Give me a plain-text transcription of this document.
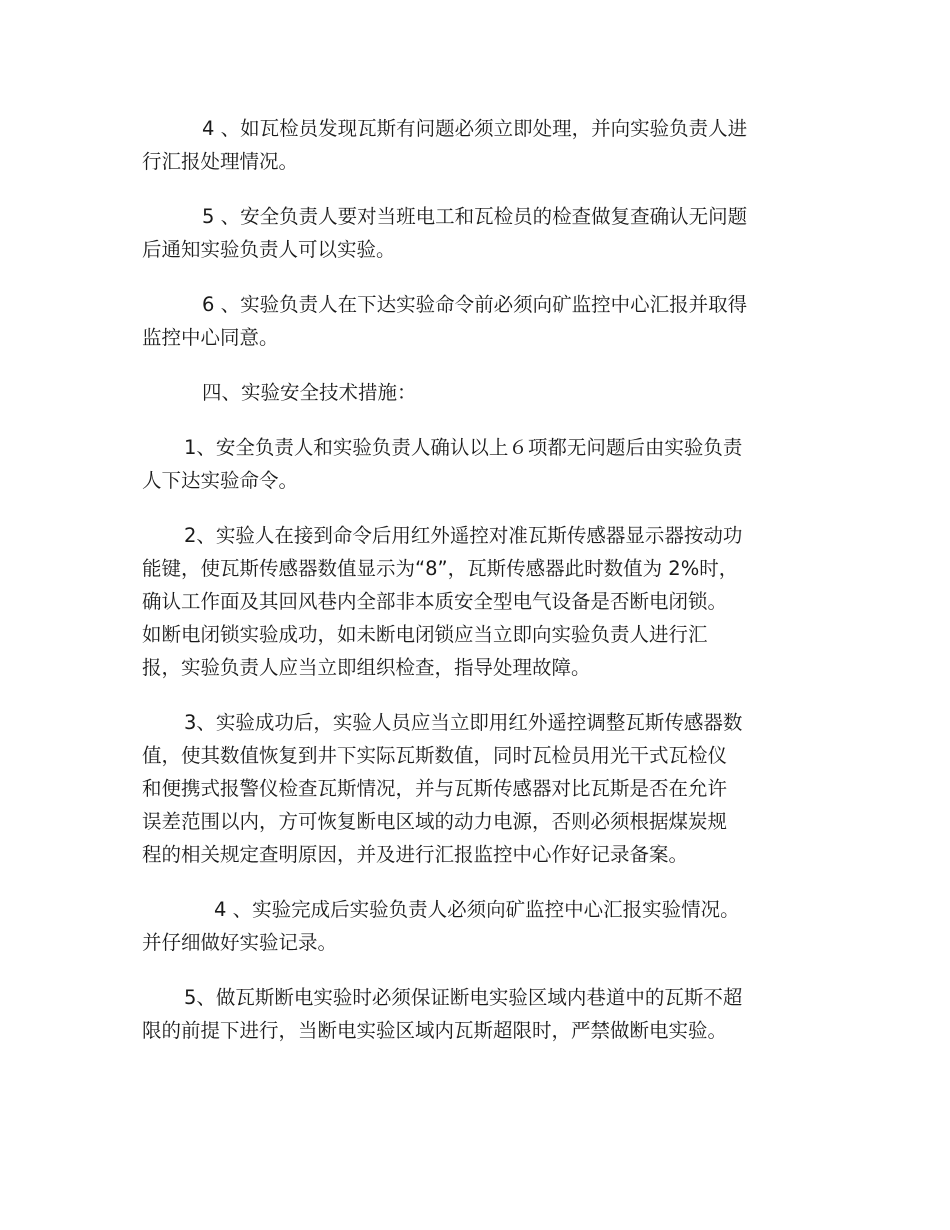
4 、如瓦检员发现瓦斯有问题必须立即处理，并向实验负责人进
行汇报处理情况。

5 、安全负责人要对当班电工和瓦检员的检查做复查确认无问题
后通知实验负责人可以实验。

6 、实验负责人在下达实验命令前必须向矿监控中心汇报并取得
监控中心同意。

四、实验安全技术措施：

1、安全负责人和实验负责人确认以上６项都无问题后由实验负责
人下达实验命令。

2、实验人在接到命令后用红外遥控对准瓦斯传感器显示器按动功
能键，使瓦斯传感器数值显示为“8”，瓦斯传感器此时数值为 2%时，
确认工作面及其回风巷内全部非本质安全型电气设备是否断电闭锁。
如断电闭锁实验成功，如未断电闭锁应当立即向实验负责人进行汇
报，实验负责人应当立即组织检查，指导处理故障。

3、实验成功后，实验人员应当立即用红外遥控调整瓦斯传感器数
值，使其数值恢复到井下实际瓦斯数值，同时瓦检员用光干式瓦检仪
和便携式报警仪检查瓦斯情况，并与瓦斯传感器对比瓦斯是否在允许
误差范围以内，方可恢复断电区域的动力电源，否则必须根据煤炭规
程的相关规定查明原因，并及进行汇报监控中心作好记录备案。

4 、实验完成后实验负责人必须向矿监控中心汇报实验情况。
并仔细做好实验记录。

5、做瓦斯断电实验时必须保证断电实验区域内巷道中的瓦斯不超
限的前提下进行，当断电实验区域内瓦斯超限时，严禁做断电实验。
